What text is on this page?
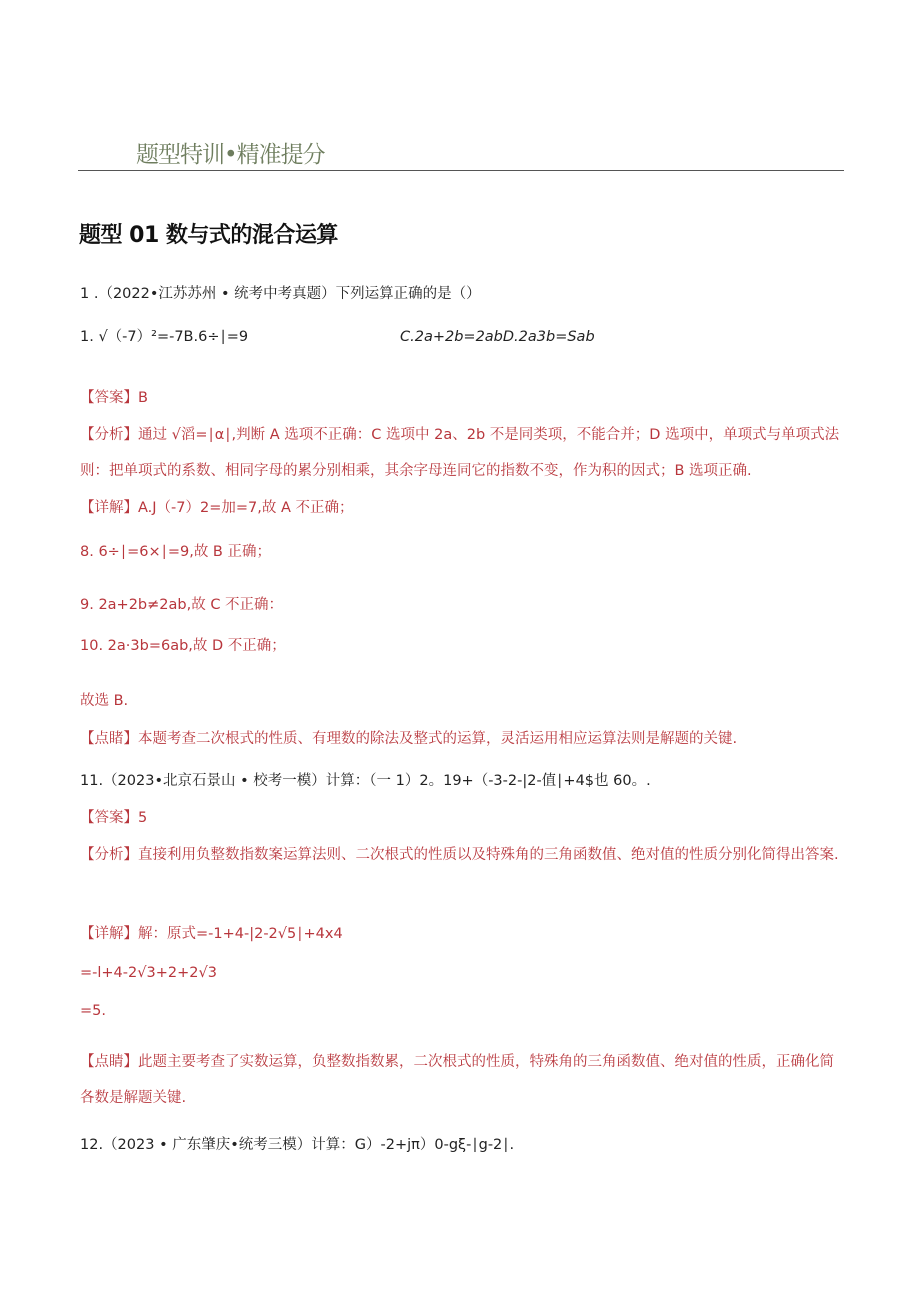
题型特训•精准提分
题型 01 数与式的混合运算
1 .（2022•江苏苏州 • 统考中考真题）下列运算正确的是（）
1. √（-7）²=-7B.6÷∣=9	C.2a+2b=2abD.2a3b=Sab
【答案】B
【分析】通过 √滔=∣α∣,判断 A 选项不正确：C 选项中 2a、2b 不是同类项，不能合并；D 选项中，单项式与单项式法则：把单项式的系数、相同字母的累分别相乘，其余字母连同它的指数不变，作为积的因式；B 选项正确.
【详解】A.J（-7）2=加=7,故 A 不正确；
8. 6÷∣=6×∣=9,故 B 正确；
9. 2a+2b≠2ab,故 C 不正确：
10. 2a·3b=6ab,故 D 不正确；
故选 B.
【点睹】本题考查二次根式的性质、有理数的除法及整式的运算，灵活运用相应运算法则是解题的关键.
11.（2023•北京石景山 • 校考一模）计算：（一 1）2。19+（-3-2-|2-值∣+4$也 60。.
【答案】5
【分析】直接利用负整数指数案运算法则、二次根式的性质以及特殊角的三角函数值、绝对值的性质分别化简得出答案.
【详解】解：原式=-1+4-|2-2√5∣+4x4
=-l+4-2√3+2+2√3
=5.
【点睛】此题主要考查了实数运算，负整数指数累，二次根式的性质，特殊角的三角函数值、绝对值的性质，正确化简各数是解题关键.
12.（2023 • 广东肇庆•统考三模）计算：G）-2+jπ）0-gξ-∣g-2∣.
